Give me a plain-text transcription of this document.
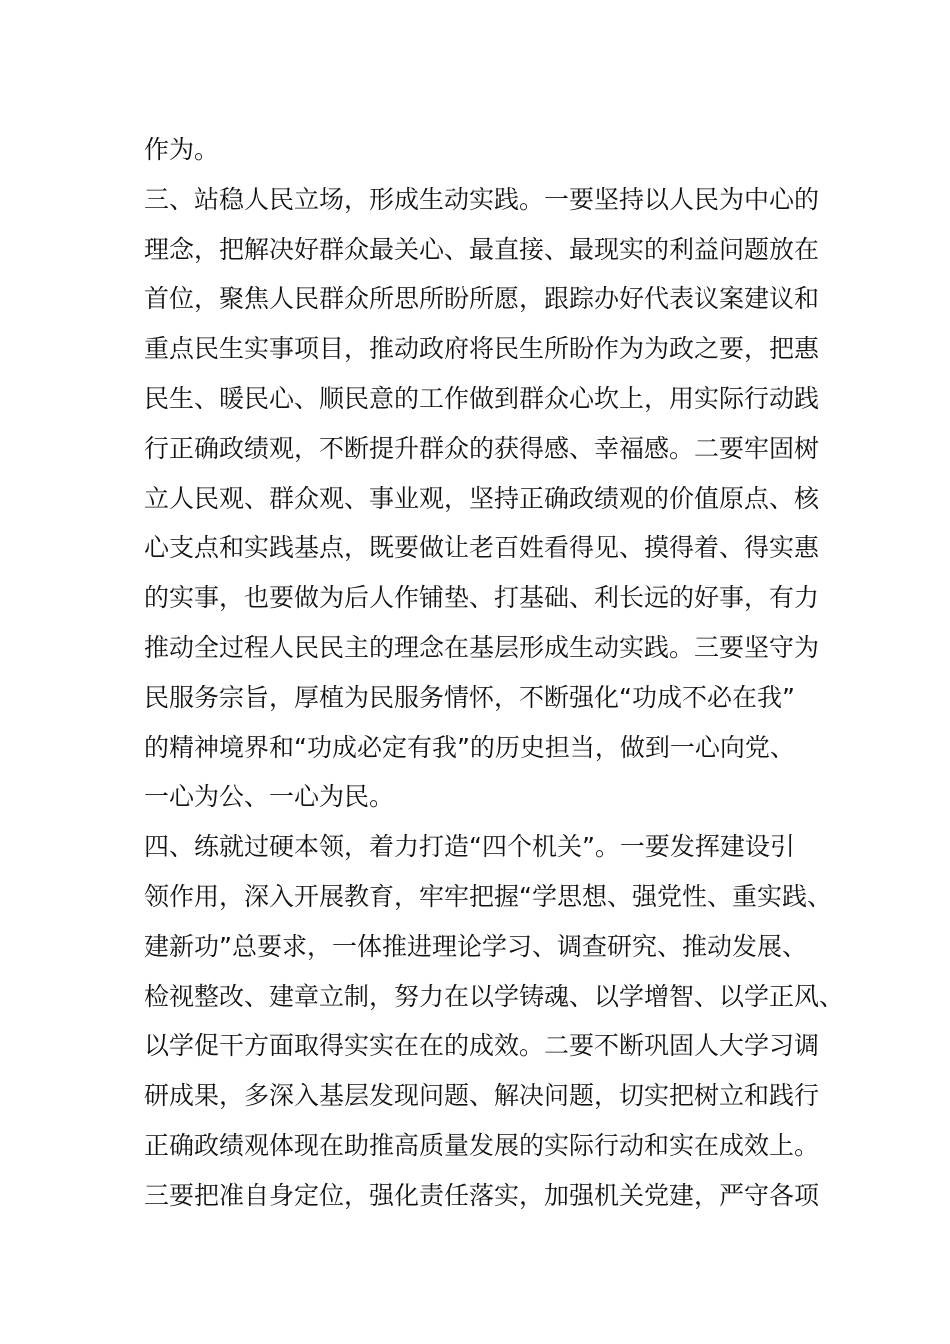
作为。
三、站稳人民立场，形成生动实践。一要坚持以人民为中心的
理念，把解决好群众最关心、最直接、最现实的利益问题放在
首位，聚焦人民群众所思所盼所愿，跟踪办好代表议案建议和
重点民生实事项目，推动政府将民生所盼作为为政之要，把惠
民生、暖民心、顺民意的工作做到群众心坎上，用实际行动践
行正确政绩观，不断提升群众的获得感、幸福感。二要牢固树
立人民观、群众观、事业观，坚持正确政绩观的价值原点、核
心支点和实践基点，既要做让老百姓看得见、摸得着、得实惠
的实事，也要做为后人作铺垫、打基础、利长远的好事，有力
推动全过程人民民主的理念在基层形成生动实践。三要坚守为
民服务宗旨，厚植为民服务情怀，不断强化“功成不必在我”
的精神境界和“功成必定有我”的历史担当，做到一心向党、
一心为公、一心为民。
四、练就过硬本领，着力打造“四个机关”。一要发挥建设引
领作用，深入开展教育，牢牢把握“学思想、强党性、重实践、
建新功”总要求，一体推进理论学习、调查研究、推动发展、
检视整改、建章立制，努力在以学铸魂、以学增智、以学正风、
以学促干方面取得实实在在的成效。二要不断巩固人大学习调
研成果，多深入基层发现问题、解决问题，切实把树立和践行
正确政绩观体现在助推高质量发展的实际行动和实在成效上。
三要把准自身定位，强化责任落实，加强机关党建，严守各项
